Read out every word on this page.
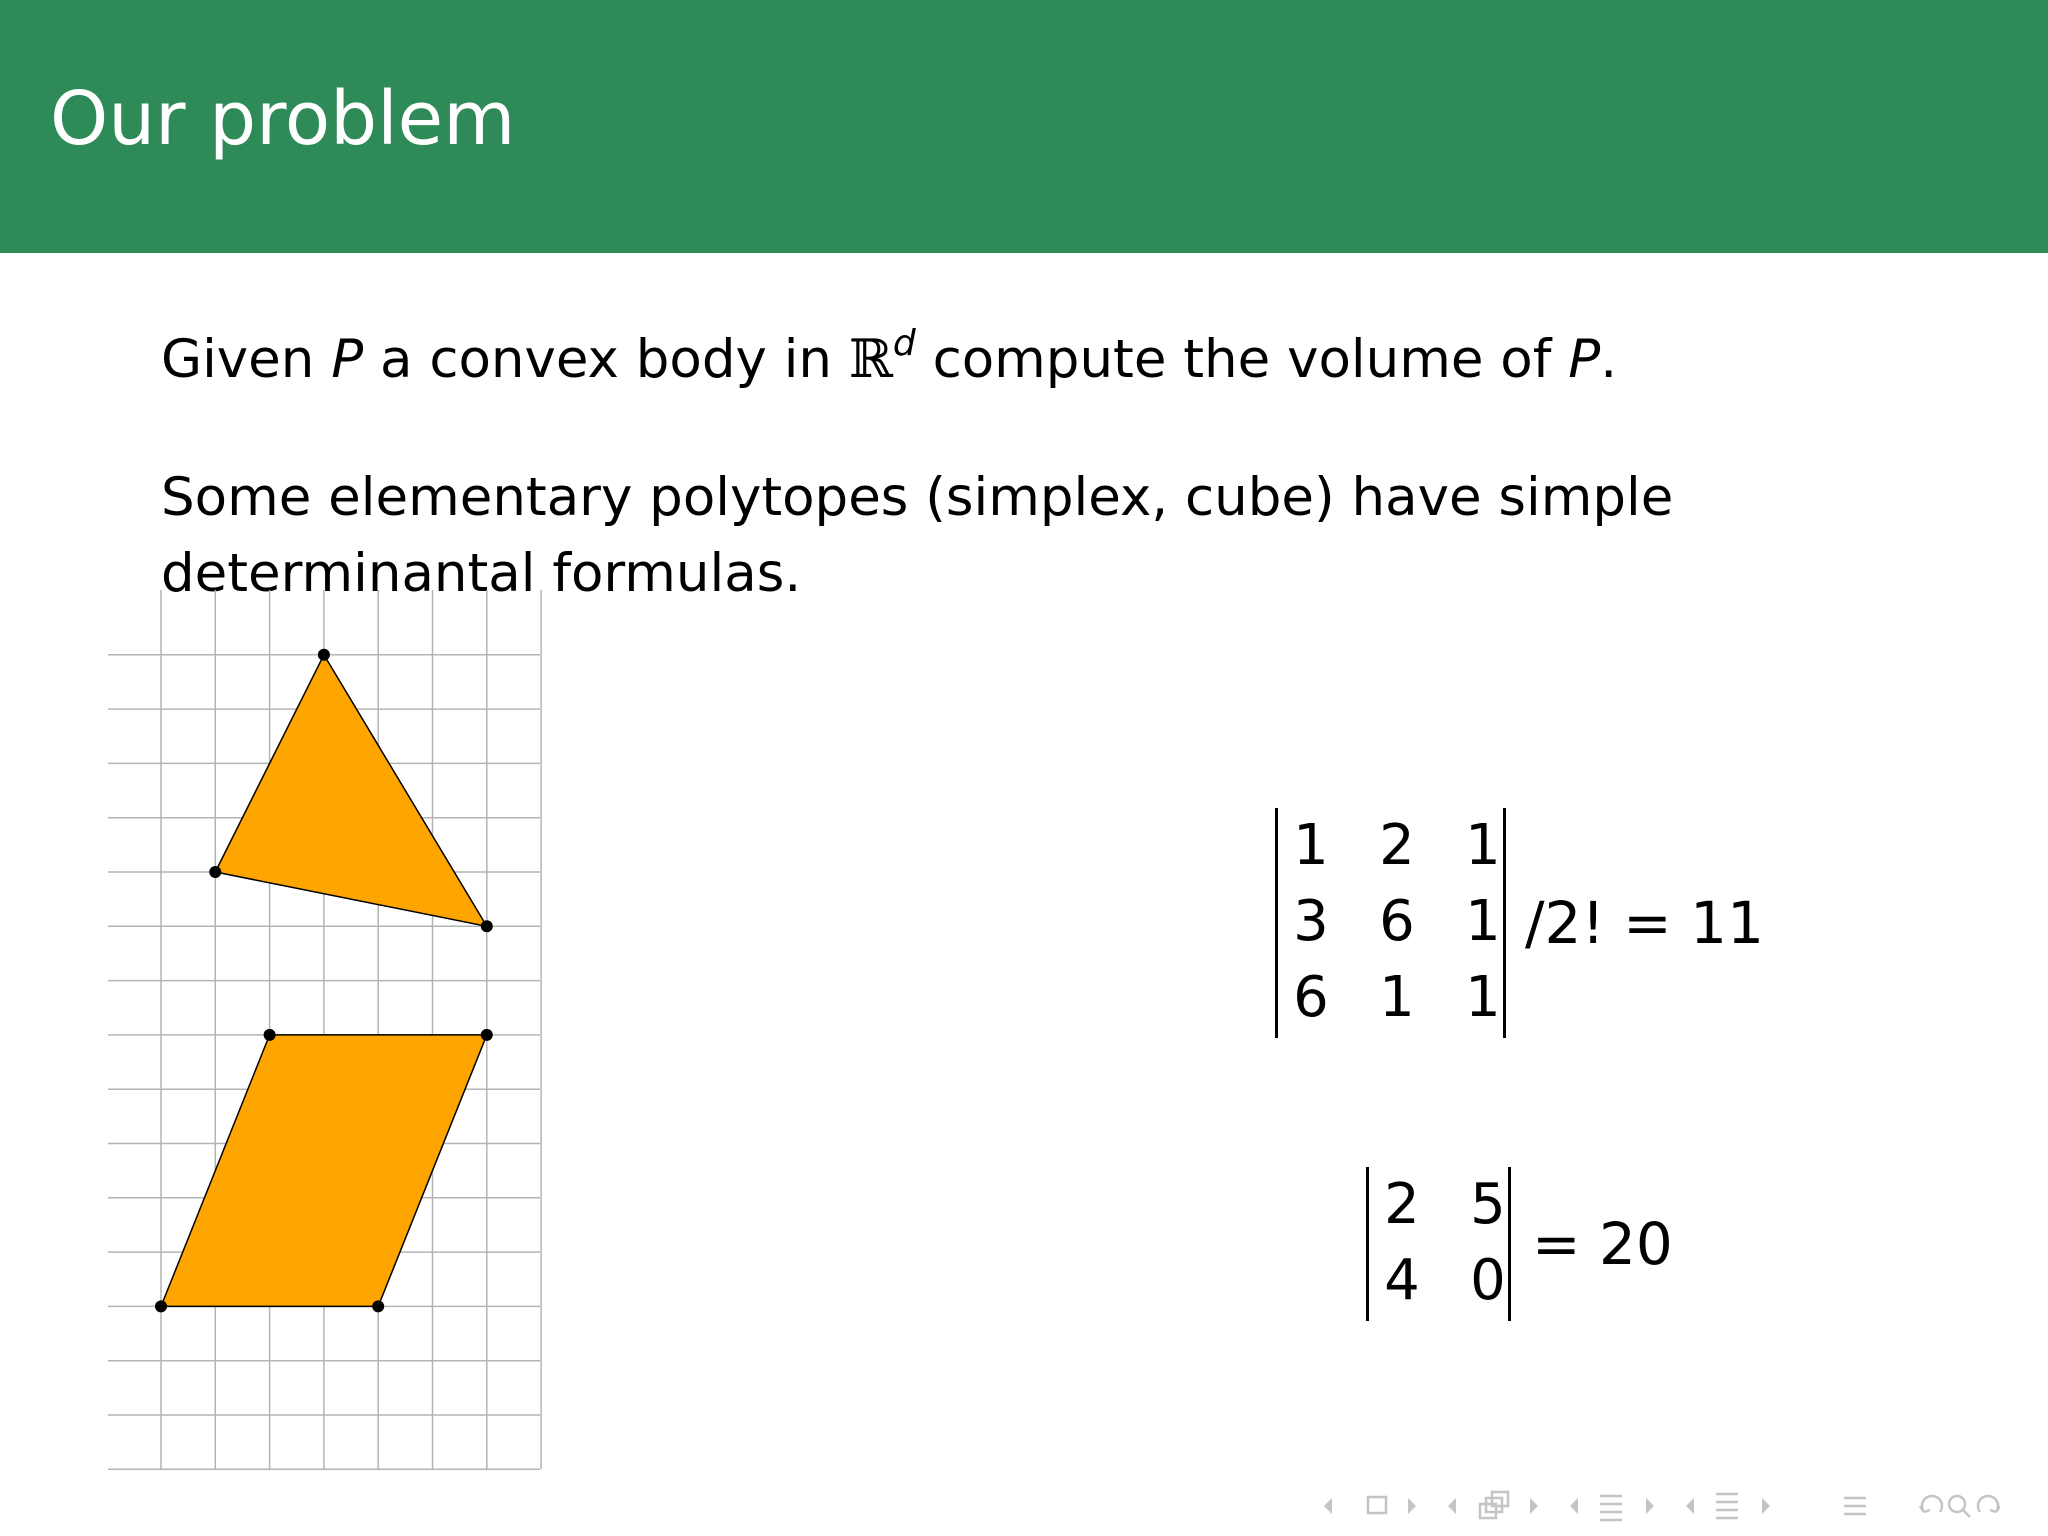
Our problem
Given P a convex body in ℝ$^d$ compute the volume of P.
Some elementary polytopes (simplex, cube) have simple
determinantal formulas.
1 2 1
3 6 1
6 1 1
/2! = 11
2 5
4 0
= 20
